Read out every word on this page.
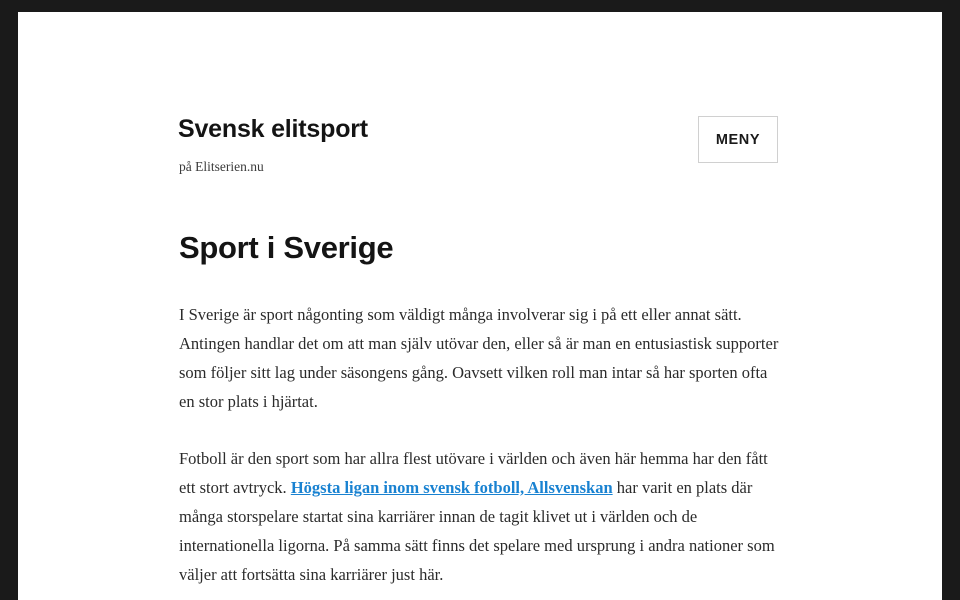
Svensk elitsport

på Elitserien.nu

MENY
Sport i Sverige

I Sverige är sport någonting som väldigt många involverar sig i på ett eller annat sätt. Antingen handlar det om att man själv utövar den, eller så är man en entusiastisk supporter som följer sitt lag under säsongens gång. Oavsett vilken roll man intar så har sporten ofta en stor plats i hjärtat.

Fotboll är den sport som har allra flest utövare i världen och även här hemma har den fått ett stort avtryck. Högsta ligan inom svensk fotboll, Allsvenskan har varit en plats där många storspelare startat sina karriärer innan de tagit klivet ut i världen och de internationella ligorna. På samma sätt finns det spelare med ursprung i andra nationer som väljer att fortsätta sina karriärer just här.
